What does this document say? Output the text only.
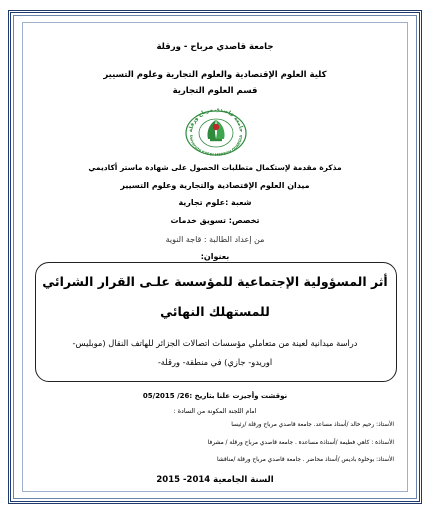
جامعة قاصدي مرباح - ورقلة
كلية العلوم الإقتصادية والعلوم التجارية وعلوم التسيير
قسم العلوم التجارية
جامعة قاصدي مرباح ورقلة
Université KASDI-MERBAH OUARGLA
مذكرة مقدمة لإستكمال متطلبات الحصول على شهادة ماستر أكاديمي
ميدان العلوم الإقتصادية والتجارية وعلوم التسيير
شعبة :علوم تجارية
تخصص: تسويق خدمات
من إعداد الطالبة : قاجة النوية
بعنوان:
أثر المسؤولية الإجتماعية للمؤسسة علـى القرار الشرائي
للمستهلك النهائي
دراسة ميدانية لعينة من متعاملي مؤسسات اتصالات الجزائر للهاتف النقال (موبليس-
اوريدو- جازي) في منطقة- ورقلة-
نوقشت وأجيزت علنا بتاريخ :26/ 05/2015
امام اللجنة المكونة من السادة :
الأستاذ: رحيم خالد /أستاذ مساعد. جامعة قاصدي مرباح ورقلة /رئيسا
الأستاذة : كاهي فطيمة /أستاذة مساعدة . جامعة قاصدي مرباح ورقلة / مشرفا
الأستاذ: بوخلوة باديس /أستاذ محاضر . جامعة قاصدي مرباح ورقلة /مناقشا
السنة الجامعية 2014- 2015
